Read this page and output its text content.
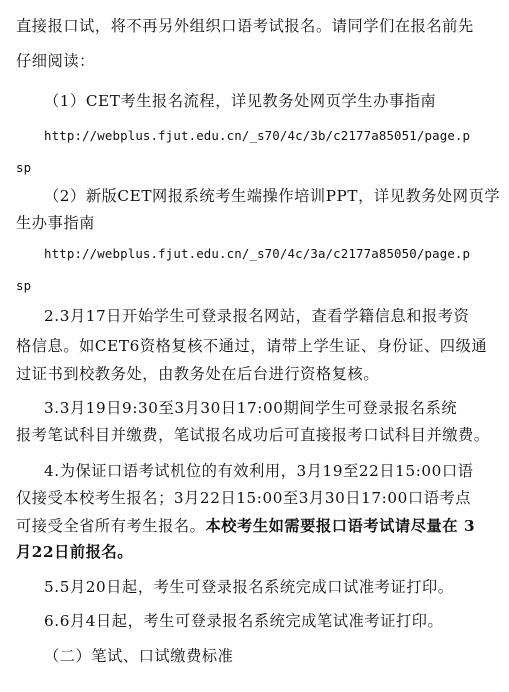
直接报口试，将不再另外组织口语考试报名。请同学们在报名前先
仔细阅读：
（1）CET考生报名流程，详见教务处网页学生办事指南
http://webplus.fjut.edu.cn/_s70/4c/3b/c2177a85051/page.p
sp
（2）新版CET网报系统考生端操作培训PPT，详见教务处网页学
生办事指南
http://webplus.fjut.edu.cn/_s70/4c/3a/c2177a85050/page.p
sp
2.3月17日开始学生可登录报名网站，查看学籍信息和报考资
格信息。如CET6资格复核不通过，请带上学生证、身份证、四级通
过证书到校教务处，由教务处在后台进行资格复核。
3.3月19日9:30至3月30日17:00期间学生可登录报名系统
报考笔试科目并缴费，笔试报名成功后可直接报考口试科目并缴费。
4.为保证口语考试机位的有效利用，3月19至22日15:00口语
仅接受本校考生报名；3月22日15:00至3月30日17:00口语考点
可接受全省所有考生报名。本校考生如需要报口语考试请尽量在 3
月22日前报名。
5.5月20日起，考生可登录报名系统完成口试准考证打印。
6.6月4日起，考生可登录报名系统完成笔试准考证打印。
（二）笔试、口试缴费标准
